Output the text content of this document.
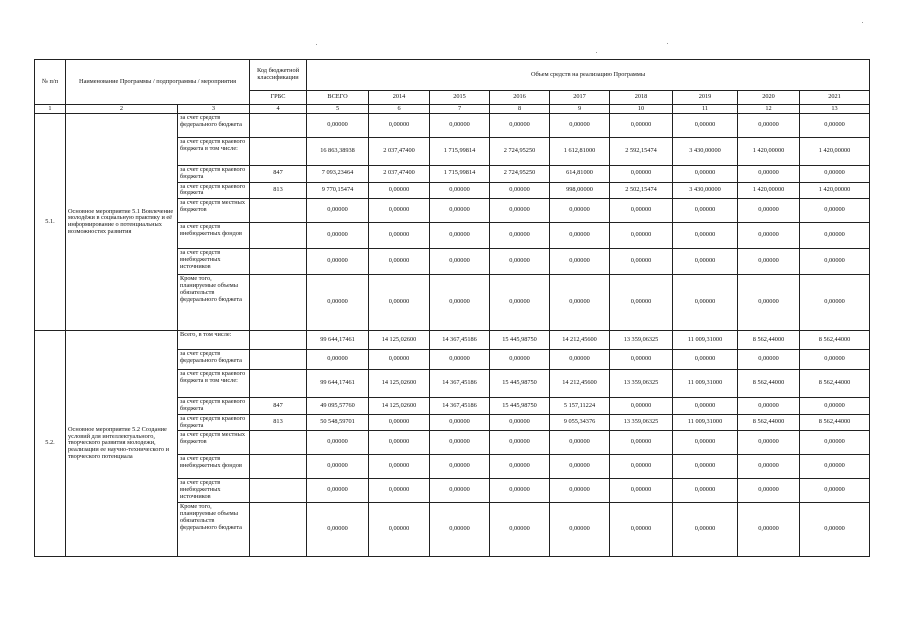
№ п/п	Наименование Программы / подпрограммы / мероприятия		Код бюджетной классификации	Объем средств на реализацию Программы								
			ГРБС	ВСЕГО	2014	2015	2016	2017	2018	2019	2020	2021
1	2	3	4	5	6	7	8	9	10	11	12	13
5.1.	Основное мероприятие 5.1 Вовлечение молодёжи в социальную практику и её информирование о потенциальных возможностях развития	за счет средств федерального бюджета		0,00000	0,00000	0,00000	0,00000	0,00000	0,00000	0,00000	0,00000	0,00000
		за счет средств краевого бюджета в том числе:		16 863,38938	2 037,47400	1 715,99814	2 724,95250	1 612,81000	2 592,15474	3 430,00000	1 420,00000	1 420,00000
		за счет средств краевого бюджета	847	7 093,23464	2 037,47400	1 715,99814	2 724,95250	614,81000	0,00000	0,00000	0,00000	0,00000
		за счет средств краевого бюджета	813	9 770,15474	0,00000	0,00000	0,00000	998,00000	2 502,15474	3 430,00000	1 420,00000	1 420,00000
		за счет средств местных бюджетов		0,00000	0,00000	0,00000	0,00000	0,00000	0,00000	0,00000	0,00000	0,00000
		за счет средств внебюджетных фондов		0,00000	0,00000	0,00000	0,00000	0,00000	0,00000	0,00000	0,00000	0,00000
		за счет средств внебюджетных источников		0,00000	0,00000	0,00000	0,00000	0,00000	0,00000	0,00000	0,00000	0,00000
		Кроме того, планируемые объемы обязательств федерального бюджета		0,00000	0,00000	0,00000	0,00000	0,00000	0,00000	0,00000	0,00000	0,00000
5.2.	Основное мероприятие 5.2 Создание условий для интеллектуального, творческого развития молодежи, реализации ее научно-технического и творческого потенциала	Всего, в том числе:		99 644,17461	14 125,02600	14 367,45186	15 445,98750	14 212,45600	13 359,06325	11 009,31000	8 562,44000	8 562,44000
		за счет средств федерального бюджета		0,00000	0,00000	0,00000	0,00000	0,00000	0,00000	0,00000	0,00000	0,00000
		за счет средств краевого бюджета в том числе:		99 644,17461	14 125,02600	14 367,45186	15 445,98750	14 212,45600	13 359,06325	11 009,31000	8 562,44000	8 562,44000
		за счет средств краевого бюджета	847	49 095,57760	14 125,02600	14 367,45186	15 445,98750	5 157,11224	0,00000	0,00000	0,00000	0,00000
		за счет средств краевого бюджета	813	50 548,59701	0,00000	0,00000	0,00000	9 055,34376	13 359,06325	11 009,31000	8 562,44000	8 562,44000
		за счет средств местных бюджетов		0,00000	0,00000	0,00000	0,00000	0,00000	0,00000	0,00000	0,00000	0,00000
		за счет средств внебюджетных фондов		0,00000	0,00000	0,00000	0,00000	0,00000	0,00000	0,00000	0,00000	0,00000
		за счет средств внебюджетных источников		0,00000	0,00000	0,00000	0,00000	0,00000	0,00000	0,00000	0,00000	0,00000
		Кроме того, планируемые объемы обязательств федерального бюджета		0,00000	0,00000	0,00000	0,00000	0,00000	0,00000	0,00000	0,00000	0,00000
